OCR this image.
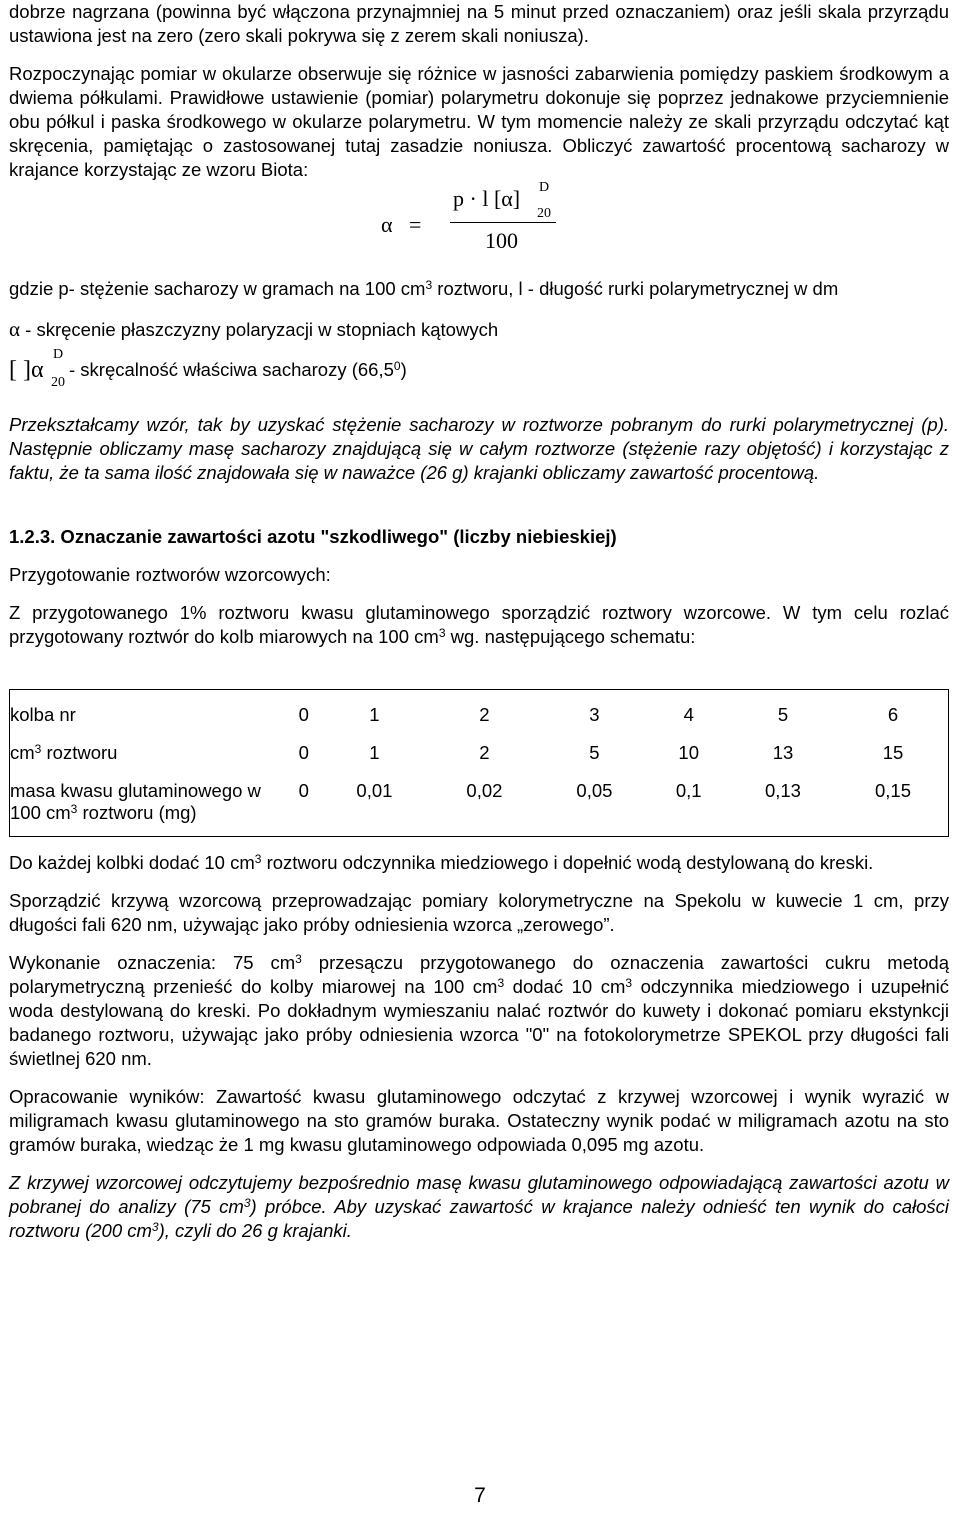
dobrze nagrzana (powinna być włączona przynajmniej na 5 minut przed oznaczaniem) oraz jeśli skala przyrządu ustawiona jest na zero (zero skali pokrywa się z zerem skali noniusza).

Rozpoczynając pomiar w okularze obserwuje się różnice w jasności zabarwienia pomiędzy paskiem środkowym a dwiema półkulami. Prawidłowe ustawienie (pomiar) polarymetru dokonuje się poprzez jednakowe przyciemnienie obu półkul i paska środkowego w okularze polarymetru. W tym momencie należy ze skali przyrządu odczytać kąt skręcenia, pamiętając o zastosowanej tutaj zasadzie noniusza. Obliczyć zawartość procentową sacharozy w krajance korzystając ze wzoru Biota:

α =
p · l [α] D
20
100

gdzie p- stężenie sacharozy w gramach na 100 $cm^3$ roztworu, l - długość rurki polarymetrycznej w dm

α - skręcenie płaszczyzny polaryzacji w stopniach kątowych

[ ]α
D
20
- skręcalność właściwa sacharozy (66,5$^0$)

Przekształcamy wzór, tak by uzyskać stężenie sacharozy w roztworze pobranym do rurki polarymetrycznej (p). Następnie obliczamy masę sacharozy znajdującą się w całym roztworze (stężenie razy objętość) i korzystając z faktu, że ta sama ilość znajdowała się w naważce (26 g) krajanki obliczamy zawartość procentową.

1.2.3. Oznaczanie zawartości azotu "szkodliwego" (liczby niebieskiej)

Przygotowanie roztworów wzorcowych:

Z przygotowanego 1% roztworu kwasu glutaminowego sporządzić roztwory wzorcowe. W tym celu rozlać przygotowany roztwór do kolb miarowych na 100 $cm^3$ wg. następującego schematu:

kolba nr	0	1	2	3	4	5	6
$cm^3$ roztworu	0	1	2	5	10	13	15
masa kwasu glutaminowego w 100 $cm^3$ roztworu (mg)	0	0,01	0,02	0,05	0,1	0,13	0,15

Do każdej kolbki dodać 10 $cm^3$ roztworu odczynnika miedziowego i dopełnić wodą destylowaną do kreski.

Sporządzić krzywą wzorcową przeprowadzając pomiary kolorymetryczne na Spekolu w kuwecie 1 cm, przy długości fali 620 nm, używając jako próby odniesienia wzorca „zerowego”.

Wykonanie oznaczenia: 75 $cm^3$ przesączu przygotowanego do oznaczenia zawartości cukru metodą polarymetryczną przenieść do kolby miarowej na 100 $cm^3$ dodać 10 $cm^3$ odczynnika miedziowego i uzupełnić woda destylowaną do kreski. Po dokładnym wymieszaniu nalać roztwór do kuwety i dokonać pomiaru ekstynkcji badanego roztworu, używając jako próby odniesienia wzorca "0" na fotokolorymetrze SPEKOL przy długości fali świetlnej 620 nm.

Opracowanie wyników: Zawartość kwasu glutaminowego odczytać z krzywej wzorcowej i wynik wyrazić w miligramach kwasu glutaminowego na sto gramów buraka. Ostateczny wynik podać w miligramach azotu na sto gramów buraka, wiedząc że 1 mg kwasu glutaminowego odpowiada 0,095 mg azotu.

Z krzywej wzorcowej odczytujemy bezpośrednio masę kwasu glutaminowego odpowiadającą zawartości azotu w pobranej do analizy (75 $cm^3$) próbce. Aby uzyskać zawartość w krajance należy odnieść ten wynik do całości roztworu (200 $cm^3$), czyli do 26 g krajanki.

7
